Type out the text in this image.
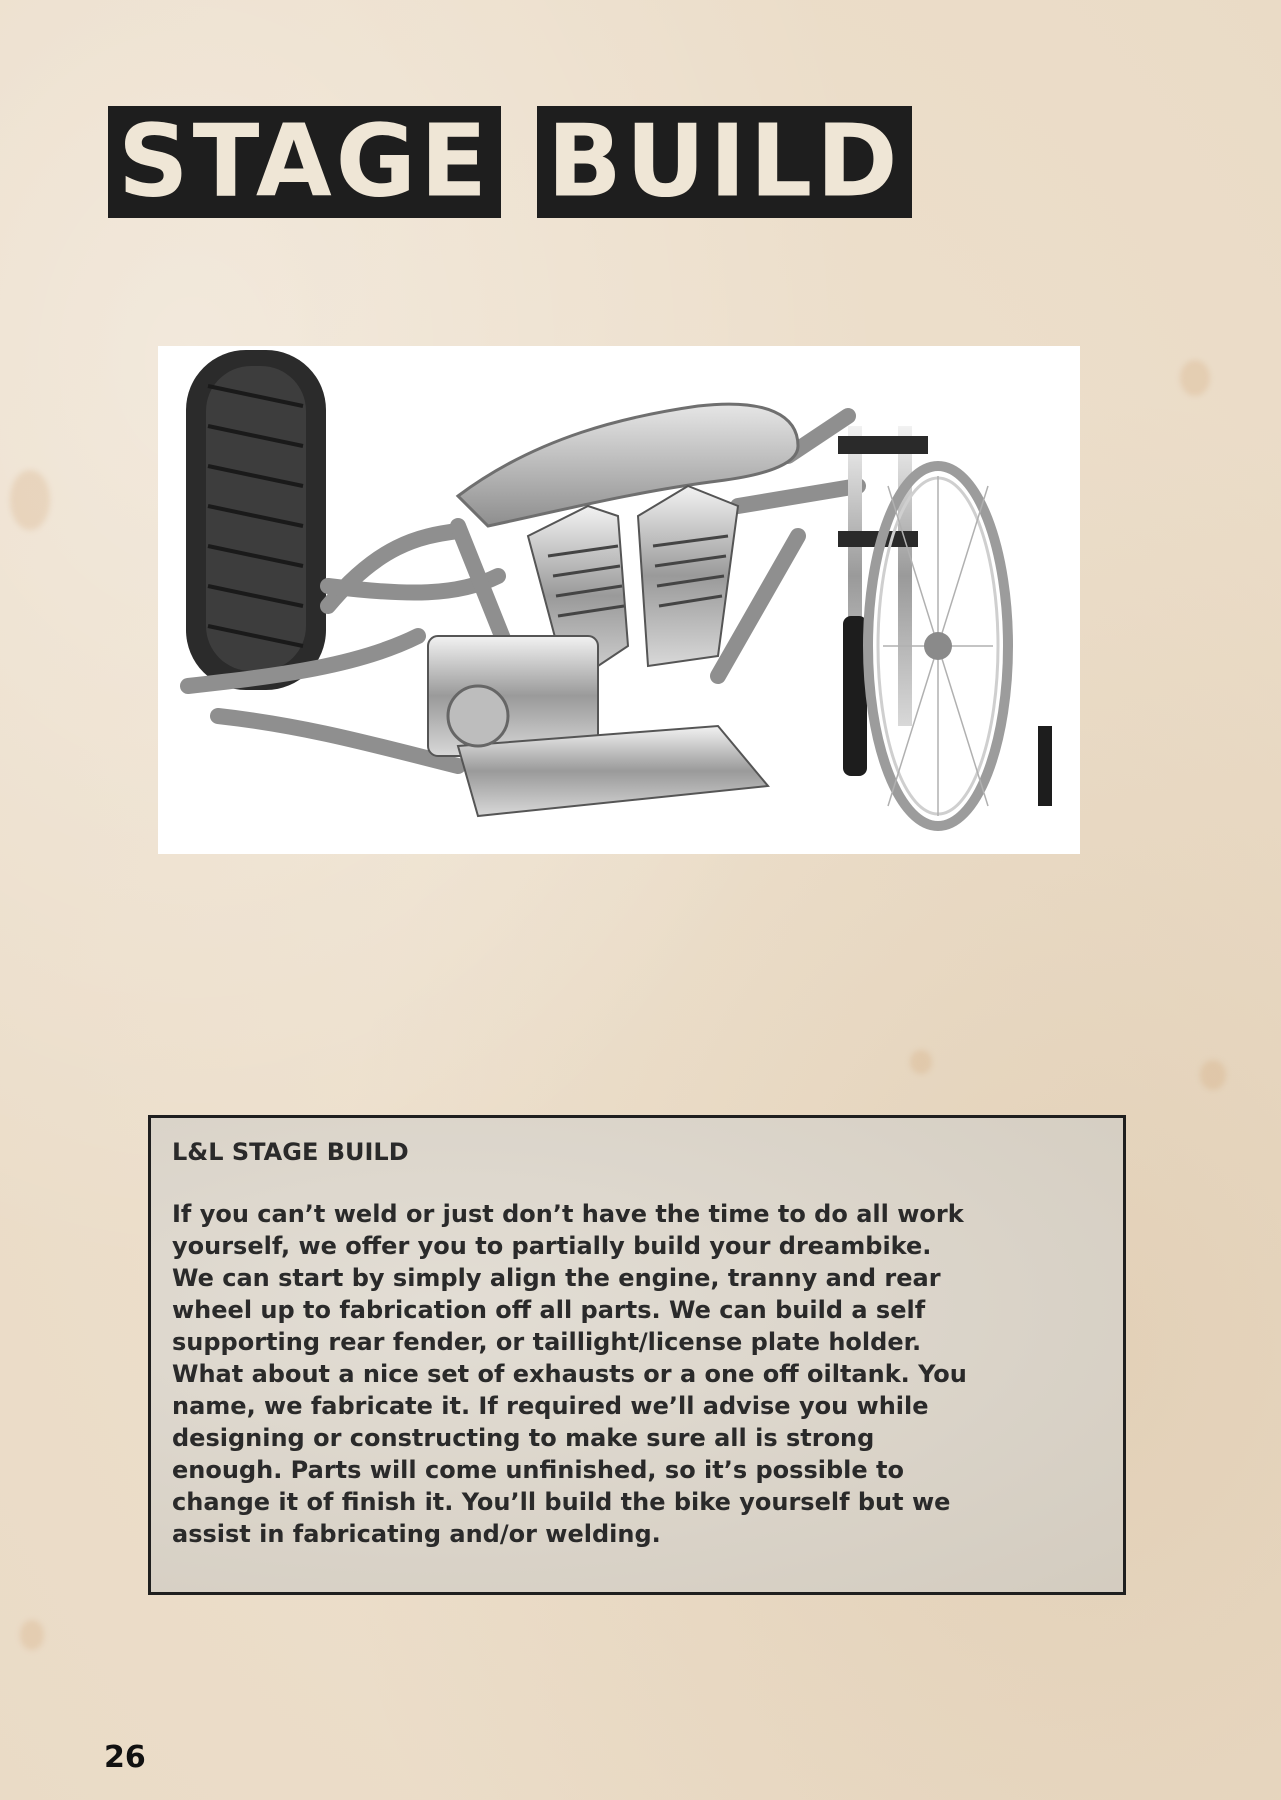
STAGE BUILD

L&L STAGE BUILD

If you can’t weld or just don’t have the time to do all work
yourself, we offer you to partially build your dreambike.
We can start by simply align the engine, tranny and rear
wheel up to fabrication off all parts. We can build a self
supporting rear fender, or taillight/license plate holder.
What about a nice set of exhausts or a one off oiltank. You
name, we fabricate it. If required we’ll advise you while
designing or constructing to make sure all is strong
enough. Parts will come unfinished, so it’s possible to
change it of finish it. You’ll build the bike yourself but we
assist in fabricating and/or welding.

26
